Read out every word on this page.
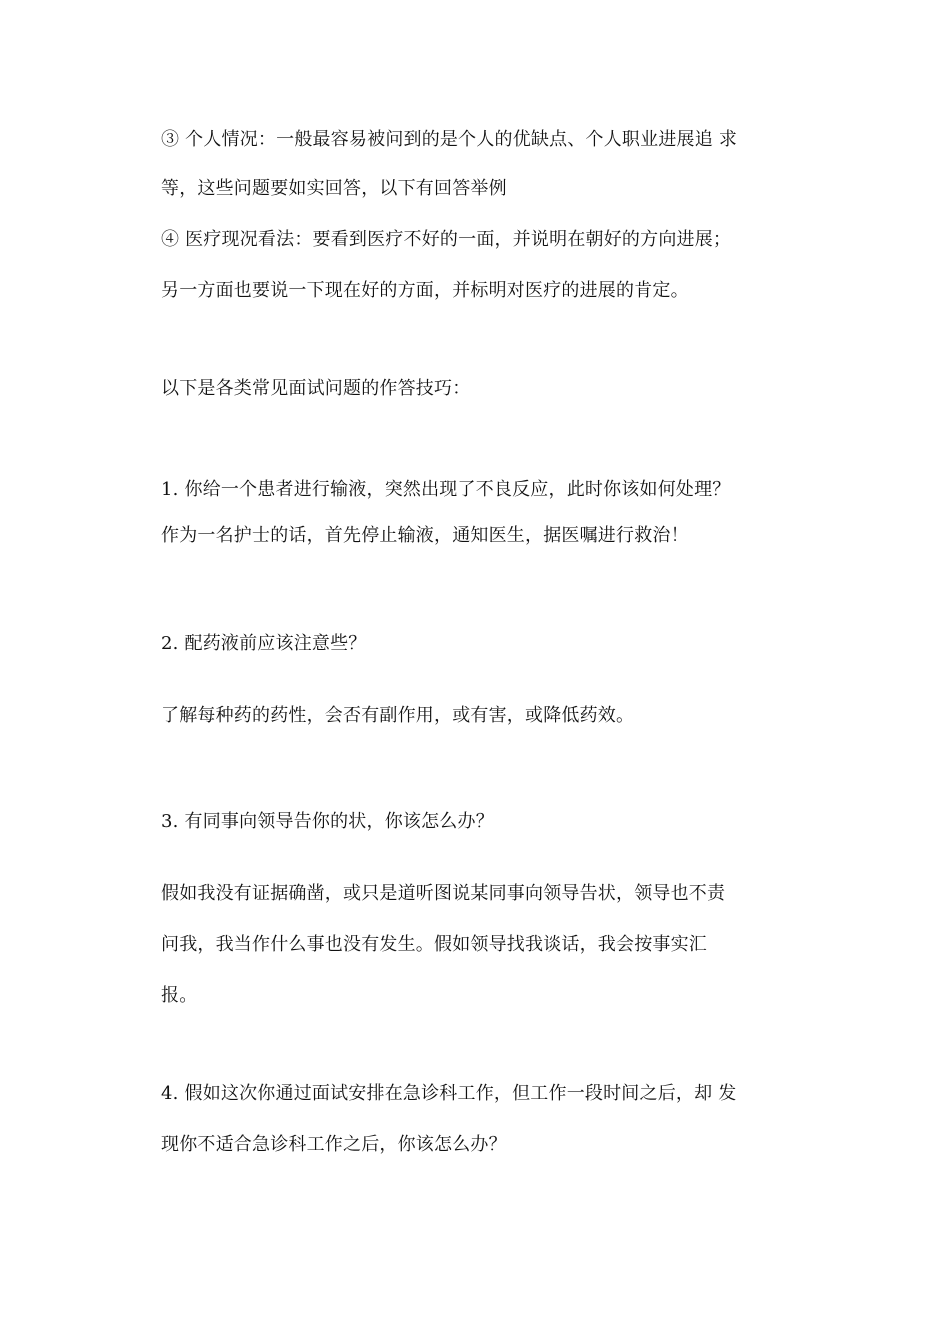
③ 个人情况：一般最容易被问到的是个人的优缺点、个人职业进展追 求
等，这些问题要如实回答，以下有回答举例
④ 医疗现况看法：要看到医疗不好的一面，并说明在朝好的方向进展；
另一方面也要说一下现在好的方面，并标明对医疗的进展的肯定。
以下是各类常见面试问题的作答技巧：
1. 你给一个患者进行输液，突然出现了不良反应，此时你该如何处理？
作为一名护士的话，首先停止输液，通知医生，据医嘱进行救治！
2. 配药液前应该注意些？
了解每种药的药性，会否有副作用，或有害，或降低药效。
3. 有同事向领导告你的状，你该怎么办？
假如我没有证据确凿，或只是道听图说某同事向领导告状，领导也不责
问我，我当作什么事也没有发生。假如领导找我谈话，我会按事实汇
报。
4. 假如这次你通过面试安排在急诊科工作，但工作一段时间之后，却 发
现你不适合急诊科工作之后，你该怎么办？
